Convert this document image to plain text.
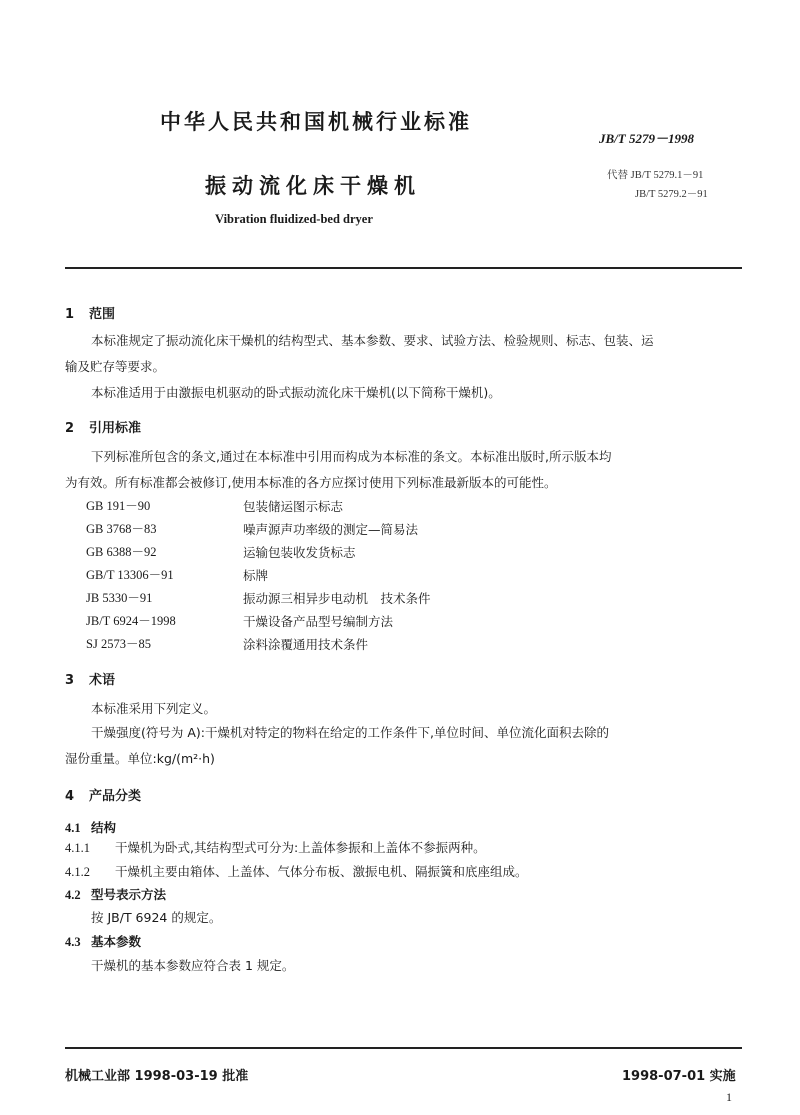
中华人民共和国机械行业标准
JB/T 5279－1998
振动流化床干燥机	代替 JB/T 5279.1－91
JB/T 5279.2－91
Vibration fluidized-bed dryer
1 范围
本标准规定了振动流化床干燥机的结构型式、基本参数、要求、试验方法、检验规则、标志、包装、运
输及贮存等要求。
本标准适用于由激振电机驱动的卧式振动流化床干燥机(以下简称干燥机)。
2 引用标准
下列标准所包含的条文,通过在本标准中引用而构成为本标准的条文。本标准出版时,所示版本均
为有效。所有标准都会被修订,使用本标准的各方应探讨使用下列标准最新版本的可能性。
GB 191－90	包装储运图示标志
GB 3768－83	噪声源声功率级的测定—简易法
GB 6388－92	运输包装收发货标志
GB/T 13306－91	标牌
JB 5330－91	振动源三相异步电动机　技术条件
JB/T 6924－1998	干燥设备产品型号编制方法
SJ 2573－85	涂料涂覆通用技术条件
3 术语
本标准采用下列定义。
干燥强度(符号为 A):干燥机对特定的物料在给定的工作条件下,单位时间、单位流化面积去除的
湿份重量。单位:kg/(m²·h)
4 产品分类
4.1 结构
4.1.1 干燥机为卧式,其结构型式可分为:上盖体参振和上盖体不参振两种。
4.1.2 干燥机主要由箱体、上盖体、气体分布板、激振电机、隔振簧和底座组成。
4.2 型号表示方法
按 JB/T 6924 的规定。
4.3 基本参数
干燥机的基本参数应符合表 1 规定。
机械工业部 1998-03-19 批准	1998-07-01 实施
1
